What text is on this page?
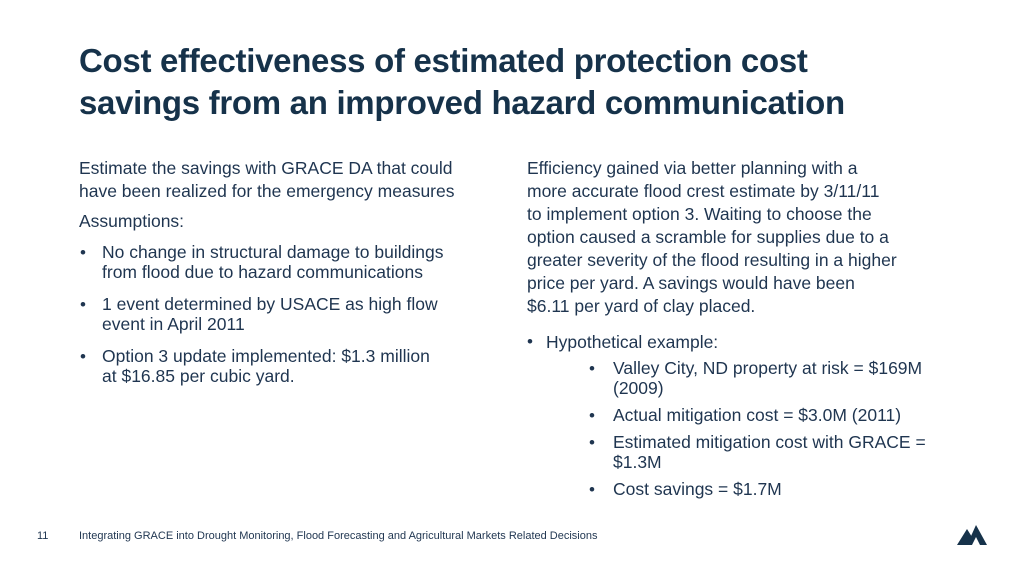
Cost effectiveness of estimated protection cost
savings from an improved hazard communication
Estimate the savings with GRACE DA that could
have been realized for the emergency measures
Assumptions:
• No change in structural damage to buildings
from flood due to hazard communications
• 1 event determined by USACE as high flow
event in April 2011
• Option 3 update implemented: $1.3 million
at $16.85 per cubic yard.
Efficiency gained via better planning with a
more accurate flood crest estimate by 3/11/11
to implement option 3. Waiting to choose the
option caused a scramble for supplies due to a
greater severity of the flood resulting in a higher
price per yard. A savings would have been
$6.11 per yard of clay placed.
• Hypothetical example:
• Valley City, ND property at risk = $169M
(2009)
• Actual mitigation cost = $3.0M (2011)
• Estimated mitigation cost with GRACE =
$1.3M
• Cost savings = $1.7M
11	Integrating GRACE into Drought Monitoring, Flood Forecasting and Agricultural Markets Related Decisions
